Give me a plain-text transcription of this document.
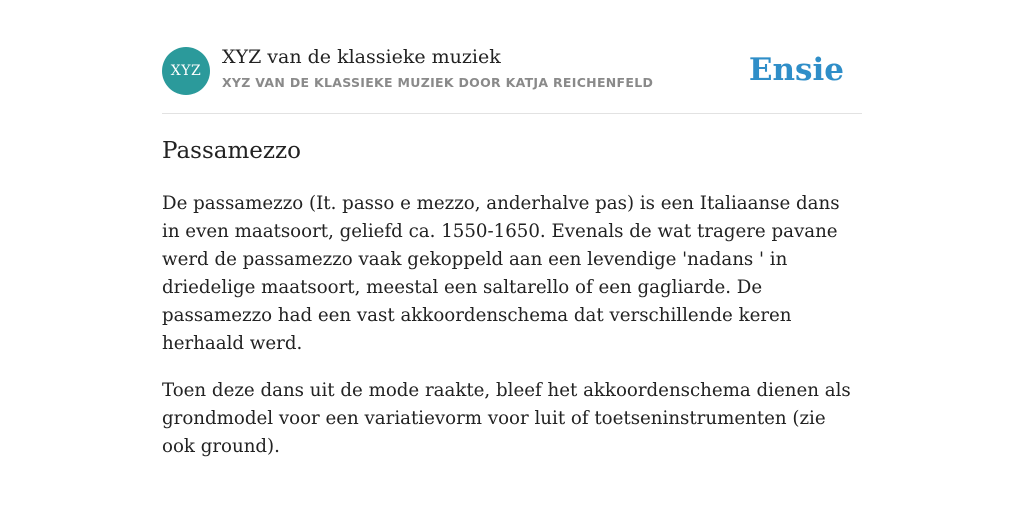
XYZ
XYZ van de klassieke muziek
XYZ VAN DE KLASSIEKE MUZIEK DOOR KATJA REICHENFELD	Ensie
Passamezzo

De passamezzo (It. passo e mezzo, anderhalve pas) is een Italiaanse dans in even maatsoort, geliefd ca. 1550-1650. Evenals de wat tragere pavane werd de passamezzo vaak gekoppeld aan een levendige 'nadans ' in driedelige maatsoort, meestal een saltarello of een gagliarde. De passamezzo had een vast akkoordenschema dat verschillende keren herhaald werd.

Toen deze dans uit de mode raakte, bleef het akkoordenschema dienen als grondmodel voor een variatievorm voor luit of toetseninstrumenten (zie ook ground).
